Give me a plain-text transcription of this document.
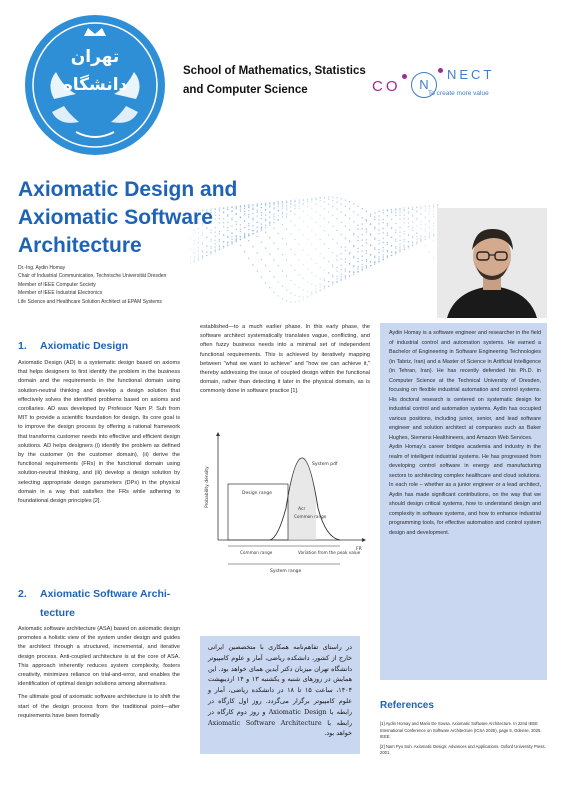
تهران
دانشگاه
School of Mathematics, Statistics
and Computer Science	CO	N
NECT
To create more value
Axiomatic Design and
Axiomatic Software
Architecture
Dr.-Ing. Aydin Homay
Chair of Industrial Communication, Technische Universität Dresden
Member of IEEE Computer Society
Member of IEEE Industrial Electronics
Life Science and Healthcare Solution Architect at EPAM Systems
1. Axiomatic Design

Axiomatic Design (AD) is a systematic design based on axioms that helps designers to first identify the problem in the business domain and the requirements in the functional domain using solution-neutral thinking and develop a design solution that effectively solves the identified problems based on axioms and corollaries. AD was developed by Professor Nam P. Suh from MIT to provide a scientific foundation for design. Its core goal is to improve the design process by offering a rational framework that transforms customer needs into effective and efficient design solutions. AD helps designers (i) identify the problem as defined by the customer (in the customer domain), (ii) derive the functional requirements (FRs) in the functional domain using solution-neutral thinking, and (iii) develop a design solution by selecting appropriate design parameters (DPs) in the physical domain in a way that satisfies the FRs while adhering to foundational design principles [2].

2. Axiomatic Software Archi-
tecture

Axiomatic software architecture (ASA) based on axiomatic design promotes a holistic view of the system under design and guides the architect through a structured, incremental, and iterative design process. Anti-coupled architecture is at the core of ASA. This approach inherently reduces system complexity, fosters creativity, minimizes reliance on trial-and-error, and enables the identification of optimal design solutions among alternatives.

The ultimate goal of axiomatic software architecture is to shift the start of the design process from the traditional point—after requirements have been formally

established—to a much earlier phase. In this early phase, the software architect systematically translates vague, conflicting, and often fuzzy business needs into a minimal set of independent functional requirements. This is achieved by iteratively mapping between "what we want to achieve" and "how we can achieve it," thereby addressing the issue of coupled design within the functional domain, rather than detecting it later in the physical domain, as is commonly done in software practice [1].

Probability density
System pdf
Design range
Acr
Common range
FR
Common range	Variation from the peak value
System range

در راستای تفاهم‌نامه همکاری با متخصصین ایرانی خارج از کشور، دانشکده ریاضی، آمار و علوم کامپیوتر دانشگاه تهران میزبان دکتر آیدین همای خواهد بود. این همایش در روزهای شنبه و یکشنبه ۱۳ و ۱۴ اردیبهشت ۱۴۰۴، ساعت ۱۵ تا ۱۸ در دانشکده ریاضی، آمار و علوم کامپیوتر برگزار می‌گردد. روز اول کارگاه در رابطه با Axiomatic Design و روز دوم کارگاه در رابطه با Axiomatic Software Architecture خواهد بود.

Aydin Homay is a software engineer and researcher in the field of industrial control and automation systems. He earned a Bachelor of Engineering in Software Engineering Technologies (in Tabriz, Iran) and a Master of Science in Artificial Intelligence (in Tehran, Iran). He has recently defended his Ph.D. in Computer Science at the Technical University of Dresden, focusing on flexible industrial automation and control systems. His doctoral research is centered on systematic design for industrial control and automation systems. Aydin has occupied various positions, including junior, senior, and lead software engineer and solution architect at companies such as Baker Hughes, Siemens Healthineers, and Amazon Web Services.

Aydin Homay's career bridges academia and industry in the realm of intelligent industrial systems. He has progressed from developing control software in energy and manufacturing sectors to architecting complex healthcare and cloud solutions. In each role – whether as a junior engineer or a lead architect, Aydin has made significant contributions, on the way that we should design critical systems, how to understand design and complexity in software systems, and how to enhance industrial programming tools, for effective automation and control system design and development.

References

[1] Aydin Homay and Mario De Sousa. Axiomatic Software Architecture. In 22nd IEEE International Conference on Software Architecture (ICSA 2025), page 5, Odense, 2025. IEEE.

[2] Nam Pyo Suh. Axiomatic Design: Advances and Applications. Oxford University Press, 2001.
